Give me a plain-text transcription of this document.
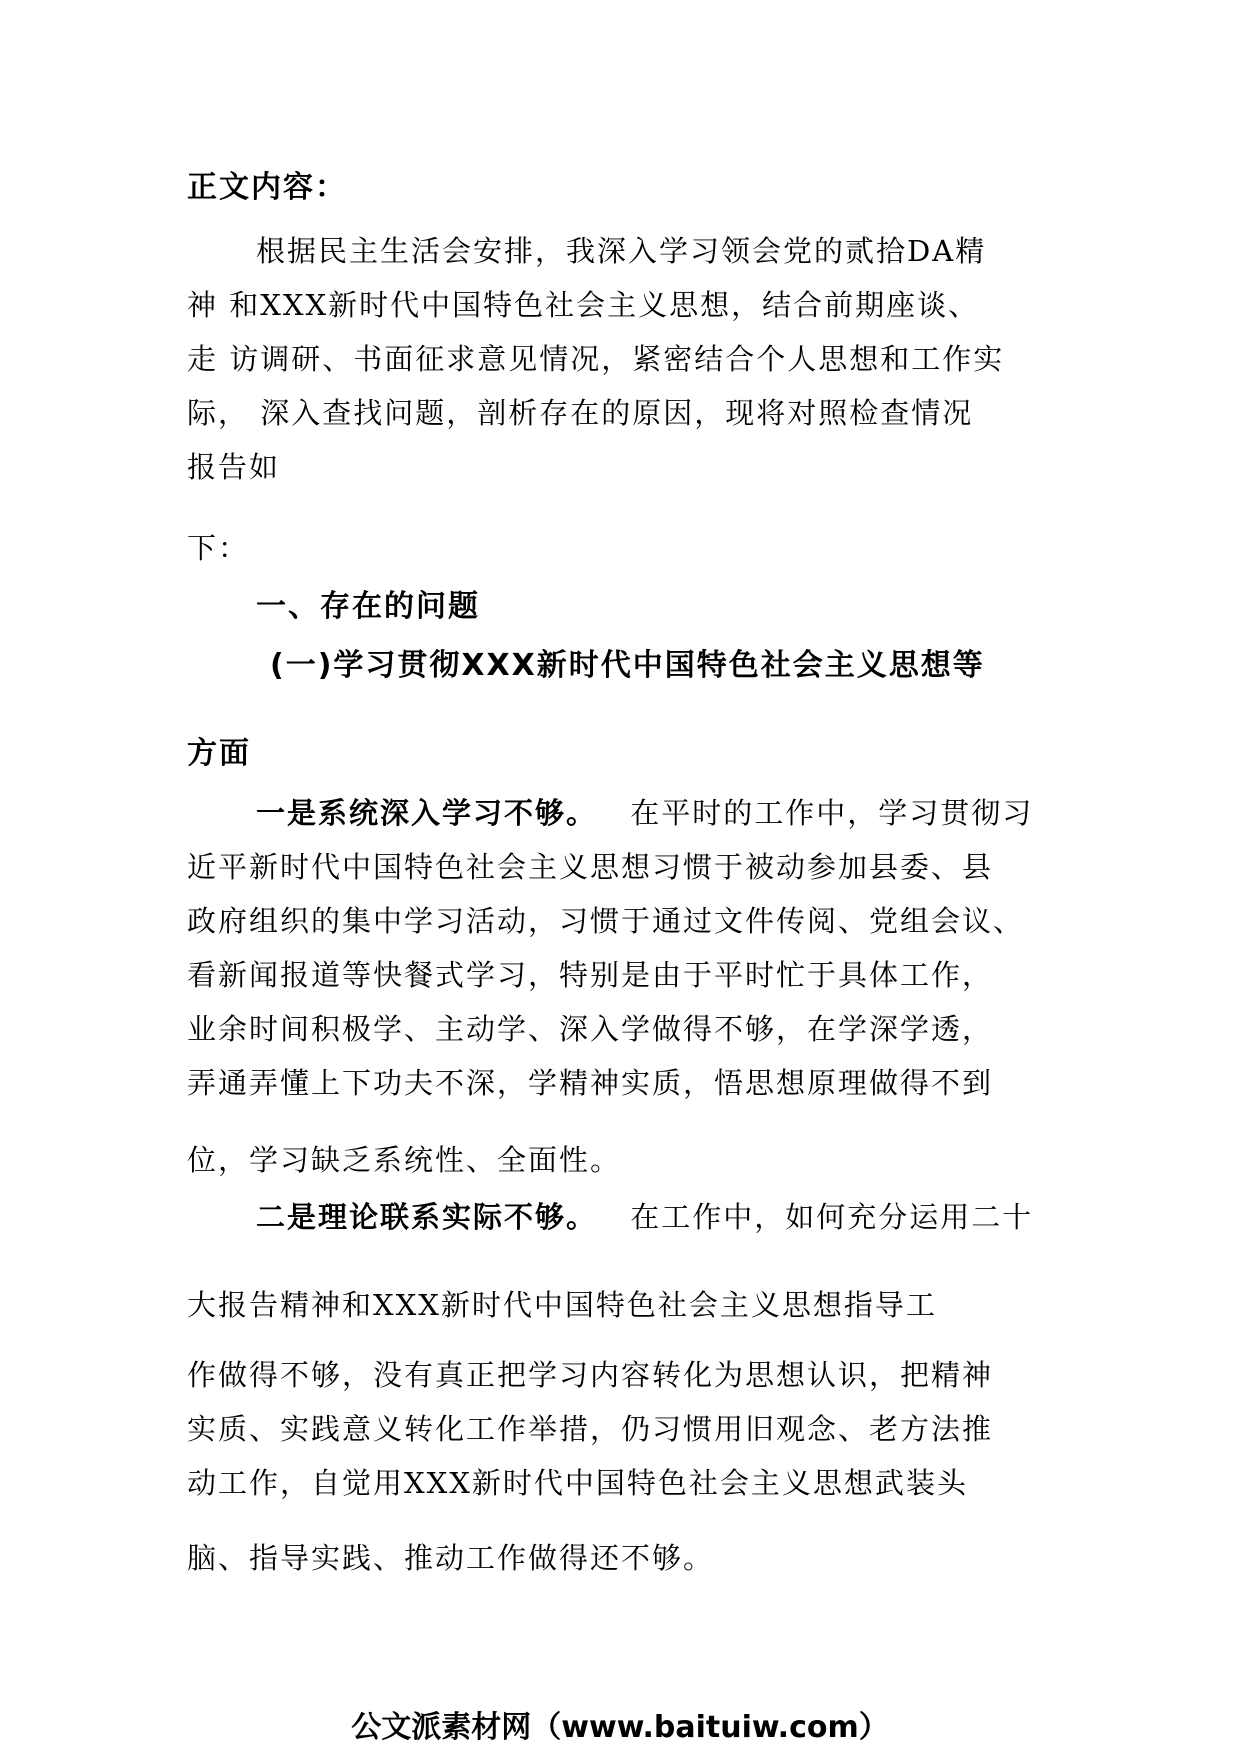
正文内容：
根据民主生活会安排，我深入学习领会党的贰拾DA精
神 和XXX新时代中国特色社会主义思想，结合前期座谈、
走 访调研、书面征求意见情况，紧密结合个人思想和工作实
际， 深入查找问题，剖析存在的原因，现将对照检查情况
报告如
下：
一、存在的问题
(一)学习贯彻XXX新时代中国特色社会主义思想等
方面
一是系统深入学习不够。 在平时的工作中，学习贯彻习
近平新时代中国特色社会主义思想习惯于被动参加县委、县
政府组织的集中学习活动，习惯于通过文件传阅、党组会议、
看新闻报道等快餐式学习，特别是由于平时忙于具体工作，
业余时间积极学、主动学、深入学做得不够，在学深学透，
弄通弄懂上下功夫不深，学精神实质，悟思想原理做得不到
位，学习缺乏系统性、全面性。
二是理论联系实际不够。 在工作中，如何充分运用二十
大报告精神和XXX新时代中国特色社会主义思想指导工
作做得不够，没有真正把学习内容转化为思想认识，把精神
实质、实践意义转化工作举措，仍习惯用旧观念、老方法推
动工作，自觉用XXX新时代中国特色社会主义思想武装头
脑、指导实践、推动工作做得还不够。
公文派素材网（www.baituiw.com）
